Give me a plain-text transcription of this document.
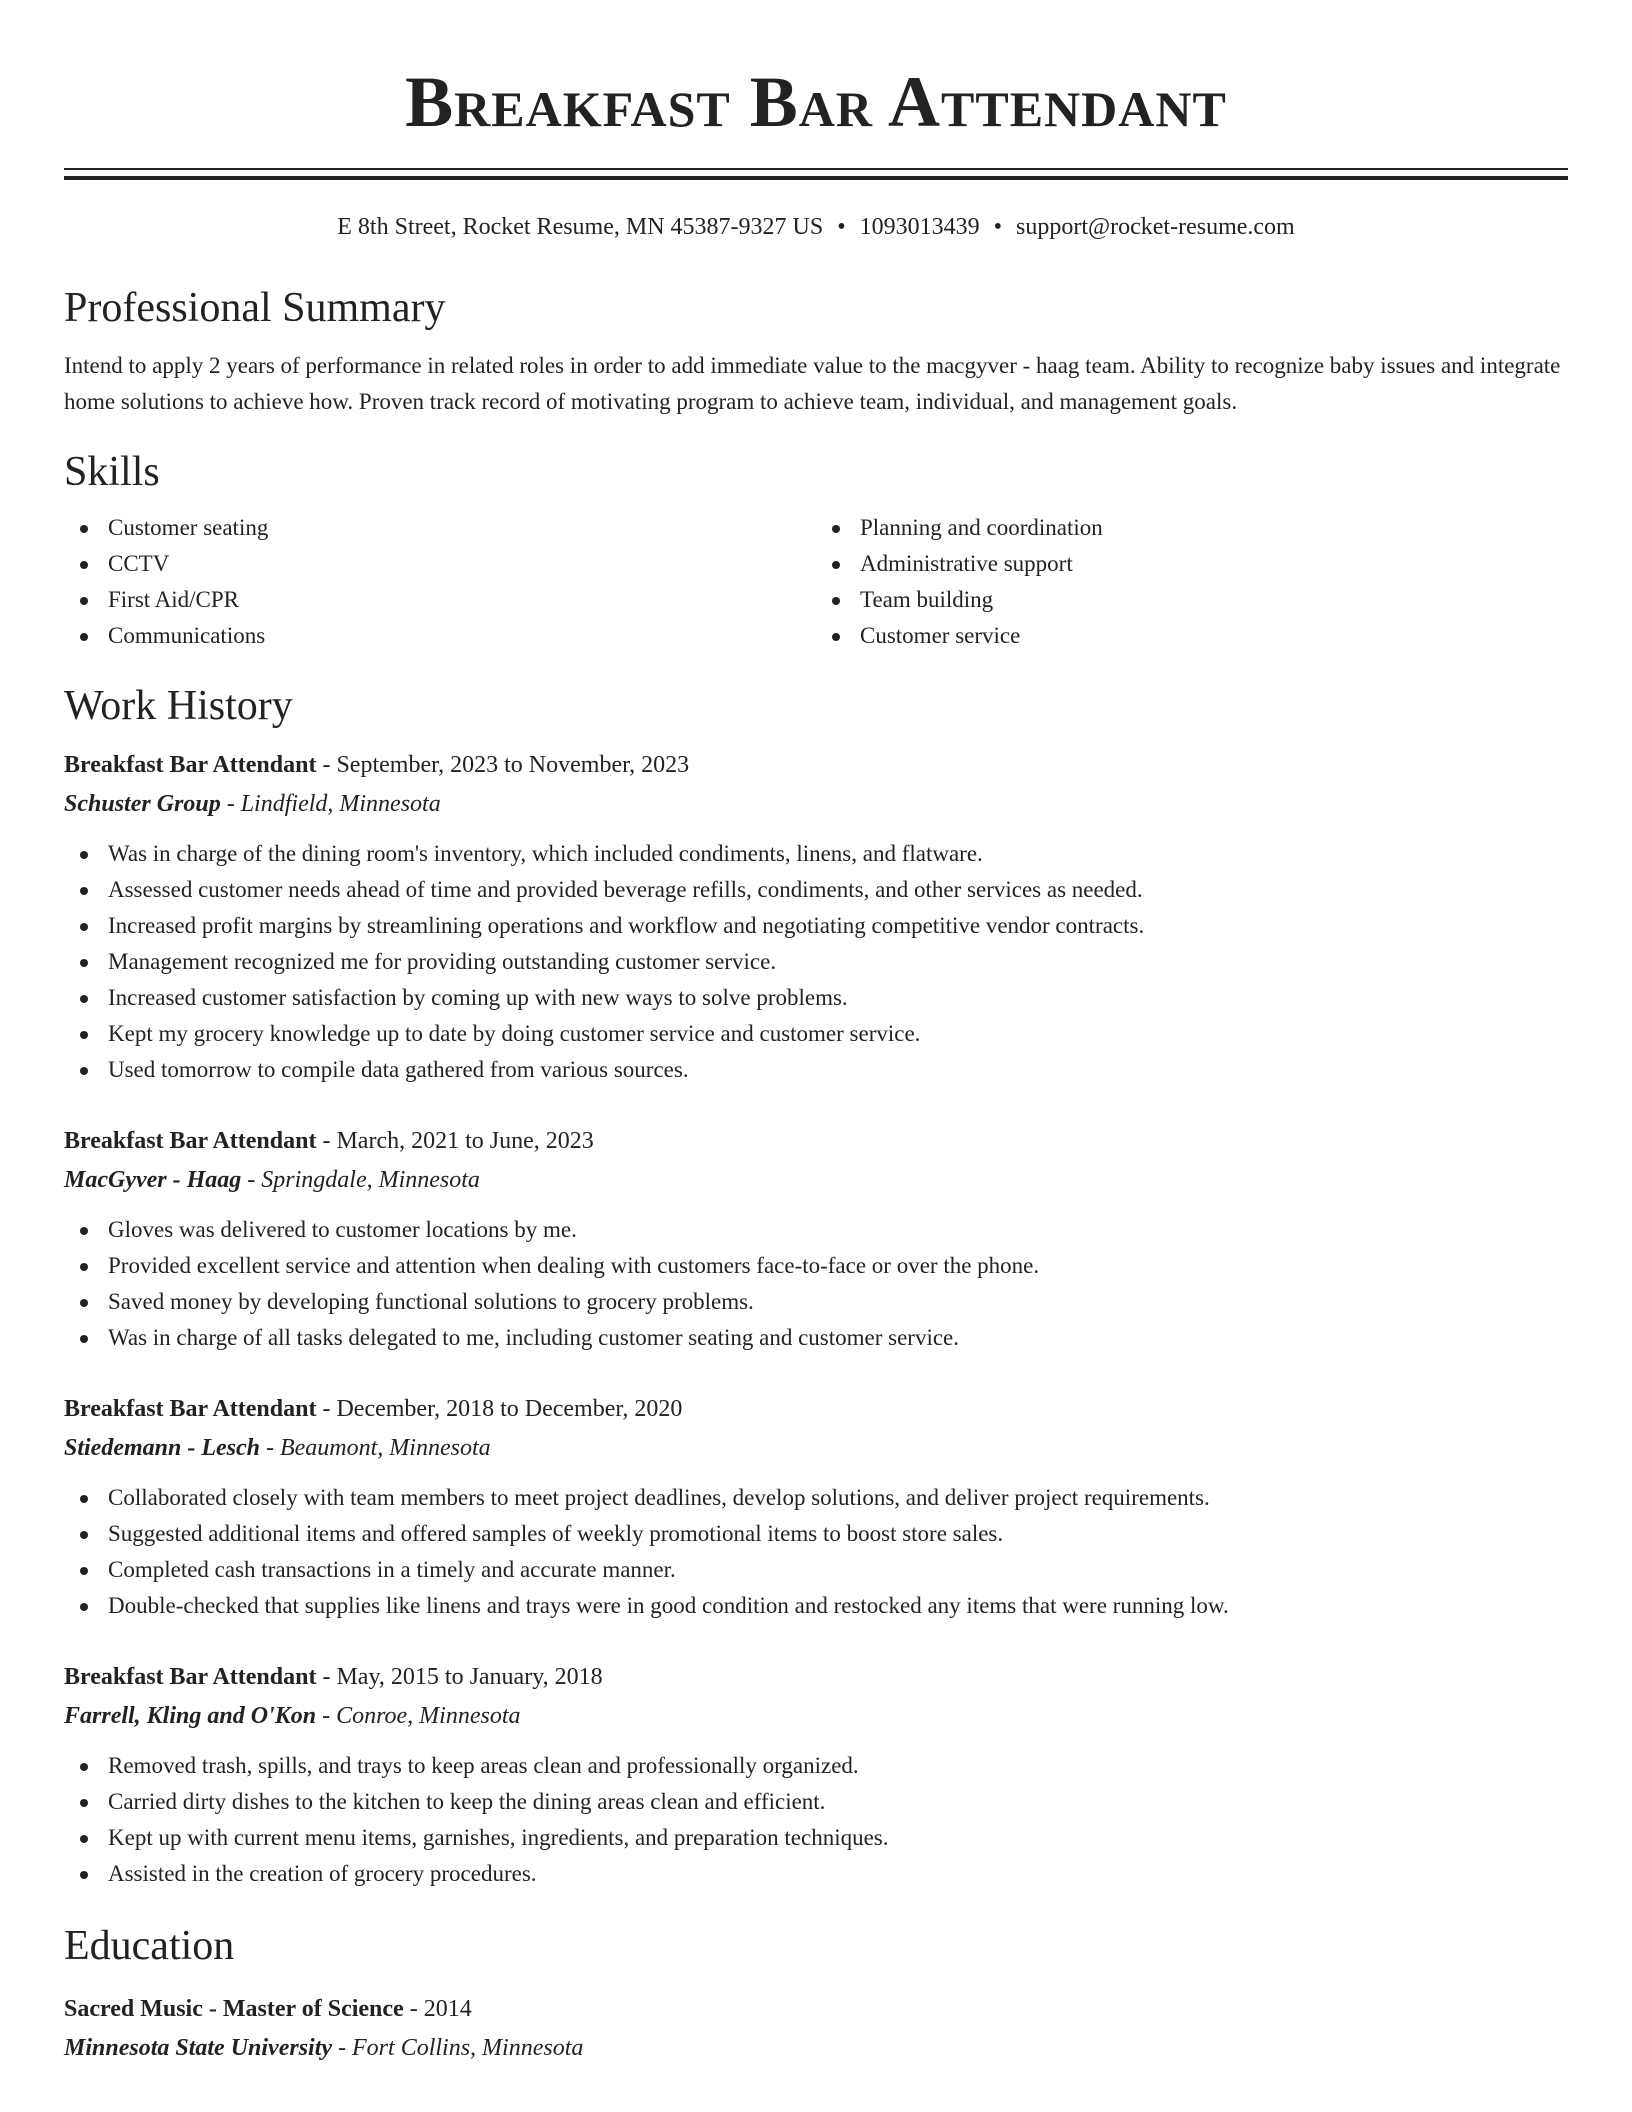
Breakfast Bar Attendant
E 8th Street, Rocket Resume, MN 45387-9327 US • 1093013439 • support@rocket-resume.com
Professional Summary

Intend to apply 2 years of performance in related roles in order to add immediate value to the macgyver - haag team. Ability to recognize baby issues and integrate home solutions to achieve how. Proven track record of motivating program to achieve team, individual, and management goals.

Skills
Customer seating
CCTV
First Aid/CPR
Communications
Planning and coordination
Administrative support
Team building
Customer service
Work History
Breakfast Bar Attendant - September, 2023 to November, 2023
Schuster Group - Lindfield, Minnesota
Was in charge of the dining room's inventory, which included condiments, linens, and flatware.
Assessed customer needs ahead of time and provided beverage refills, condiments, and other services as needed.
Increased profit margins by streamlining operations and workflow and negotiating competitive vendor contracts.
Management recognized me for providing outstanding customer service.
Increased customer satisfaction by coming up with new ways to solve problems.
Kept my grocery knowledge up to date by doing customer service and customer service.
Used tomorrow to compile data gathered from various sources.
Breakfast Bar Attendant - March, 2021 to June, 2023
MacGyver - Haag - Springdale, Minnesota
Gloves was delivered to customer locations by me.
Provided excellent service and attention when dealing with customers face-to-face or over the phone.
Saved money by developing functional solutions to grocery problems.
Was in charge of all tasks delegated to me, including customer seating and customer service.
Breakfast Bar Attendant - December, 2018 to December, 2020
Stiedemann - Lesch - Beaumont, Minnesota
Collaborated closely with team members to meet project deadlines, develop solutions, and deliver project requirements.
Suggested additional items and offered samples of weekly promotional items to boost store sales.
Completed cash transactions in a timely and accurate manner.
Double-checked that supplies like linens and trays were in good condition and restocked any items that were running low.
Breakfast Bar Attendant - May, 2015 to January, 2018
Farrell, Kling and O'Kon - Conroe, Minnesota
Removed trash, spills, and trays to keep areas clean and professionally organized.
Carried dirty dishes to the kitchen to keep the dining areas clean and efficient.
Kept up with current menu items, garnishes, ingredients, and preparation techniques.
Assisted in the creation of grocery procedures.
Education
Sacred Music - Master of Science - 2014
Minnesota State University - Fort Collins, Minnesota
